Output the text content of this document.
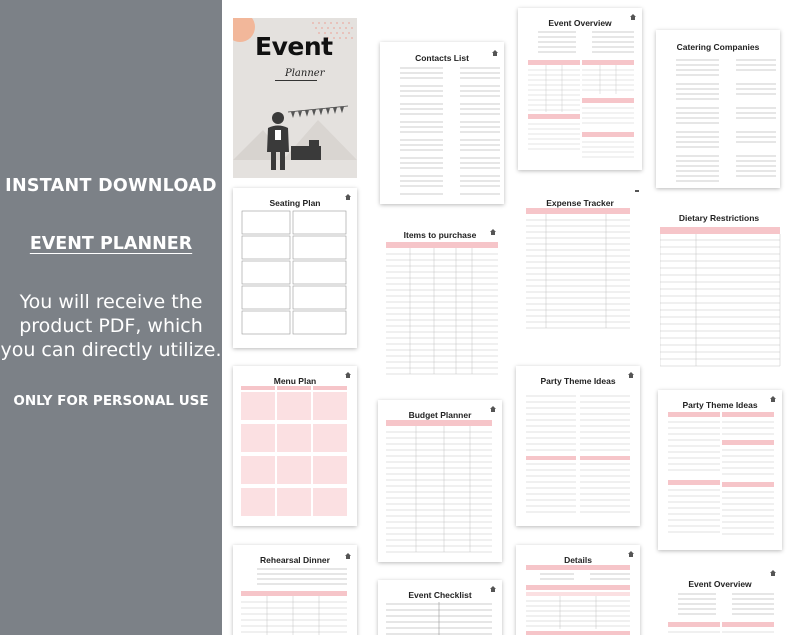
INSTANT DOWNLOAD
EVENT PLANNER
You will receive the
product PDF, which
you can directly utilize.
ONLY FOR PERSONAL USE
Event
Planner
Contacts List
Event Overview
Catering Companies
Seating Plan
Items to purchase
Expense Tracker
Dietary Restrictions
Menu Plan
Budget Planner
Party Theme Ideas
Party Theme Ideas
Rehearsal Dinner
Event Checklist
Details
Event Overview
